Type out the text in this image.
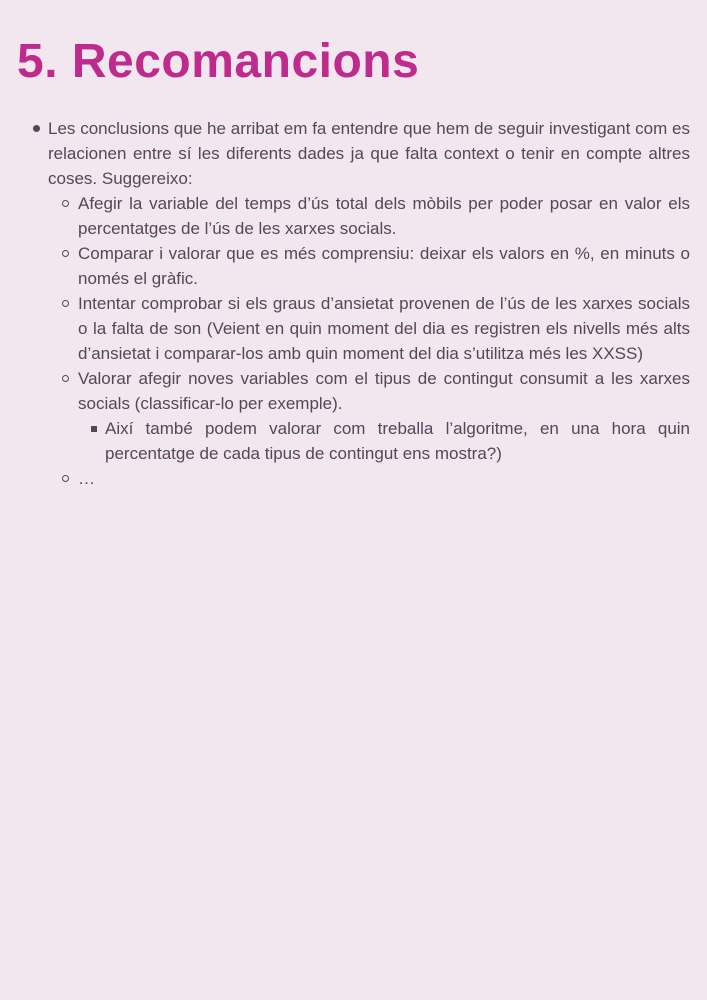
5. Recomancions
Les conclusions que he arribat em fa entendre que hem de seguir investigant com es relacionen entre sí les diferents dades ja que falta context o tenir en compte altres coses. Suggereixo:
Afegir la variable del temps d’ús total dels mòbils per poder posar en valor els percentatges de l’ús de les xarxes socials.
Comparar i valorar que es més comprensiu: deixar els valors en %, en minuts o només el gràfic.
Intentar comprobar si els graus d’ansietat provenen de l’ús de les xarxes socials o la falta de son (Veient en quin moment del dia es registren els nivells més alts d’ansietat i comparar-los amb quin moment del dia s’utilitza més les XXSS)
Valorar afegir noves variables com el tipus de contingut consumit a les xarxes socials (classificar-lo per exemple).
Així també podem valorar com treballa l’algoritme, en una hora quin percentatge de cada tipus de contingut ens mostra?)
…
